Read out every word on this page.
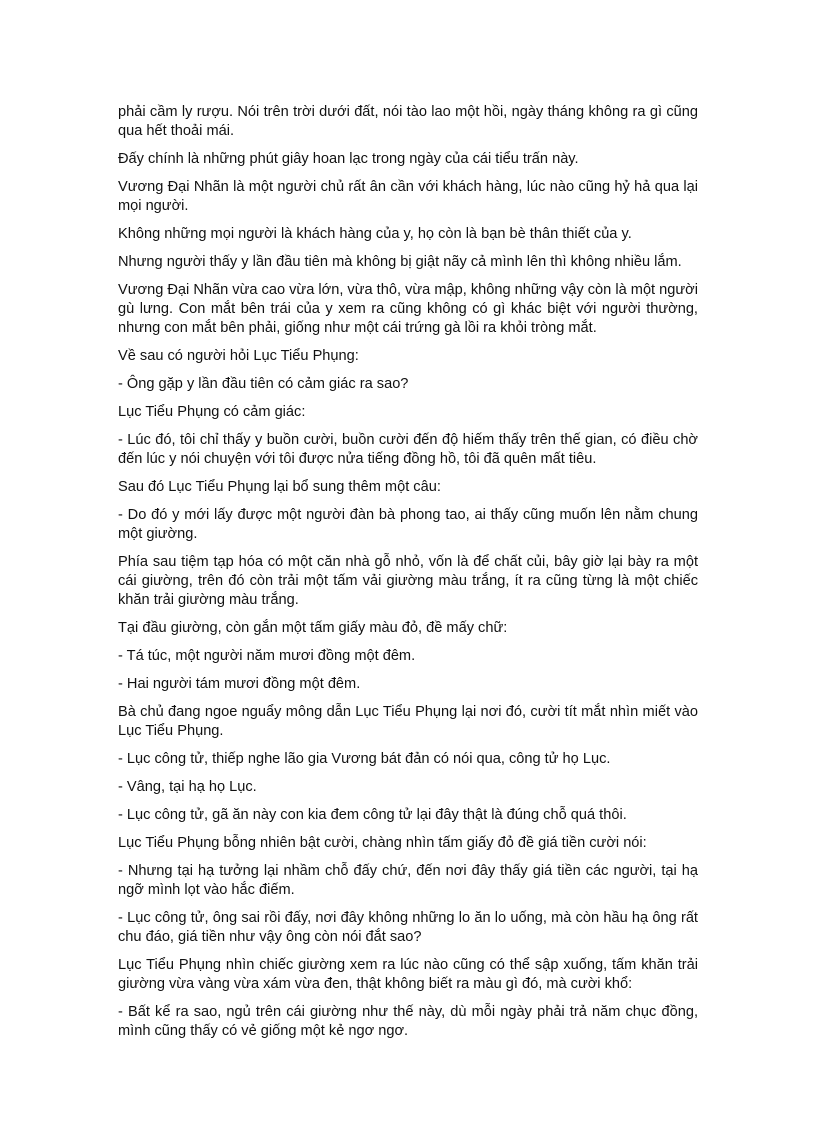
phải cầm ly rượu. Nói trên trời dưới đất, nói tào lao một hồi, ngày tháng không ra gì cũng qua hết thoải mái.

Đấy chính là những phút giây hoan lạc trong ngày của cái tiểu trấn này.

Vương Đại Nhãn là một người chủ rất ân cần với khách hàng, lúc nào cũng hỷ hả qua lại mọi người.

Không những mọi người là khách hàng của y, họ còn là bạn bè thân thiết của y.

Nhưng người thấy y lần đầu tiên mà không bị giật nãy cả mình lên thì không nhiều lắm.

Vương Đại Nhãn vừa cao vừa lớn, vừa thô, vừa mập, không những vậy còn là một người gù lưng. Con mắt bên trái của y xem ra cũng không có gì khác biệt với người thường, nhưng con mắt bên phải, giống như một cái trứng gà lồi ra khỏi tròng mắt.

Về sau có người hỏi Lục Tiểu Phụng:

- Ông gặp y lần đầu tiên có cảm giác ra sao?

Lục Tiểu Phụng có cảm giác:

- Lúc đó, tôi chỉ thấy y buồn cười, buồn cười đến độ hiếm thấy trên thế gian, có điều chờ đến lúc y nói chuyện với tôi được nửa tiếng đồng hồ, tôi đã quên mất tiêu.

Sau đó Lục Tiểu Phụng lại bổ sung thêm một câu:

- Do đó y mới lấy được một người đàn bà phong tao, ai thấy cũng muốn lên nằm chung một giường.

Phía sau tiệm tạp hóa có một căn nhà gỗ nhỏ, vốn là để chất củi, bây giờ lại bày ra một cái giường, trên đó còn trải một tấm vải giường màu trắng, ít ra cũng từng là một chiếc khăn trải giường màu trắng.

Tại đầu giường, còn gắn một tấm giấy màu đỏ, đề mấy chữ:

- Tá túc, một người năm mươi đồng một đêm.

- Hai người tám mươi đồng một đêm.

Bà chủ đang ngoe nguẩy mông dẫn Lục Tiểu Phụng lại nơi đó, cười tít mắt nhìn miết vào Lục Tiểu Phụng.

- Lục công tử, thiếp nghe lão gia Vương bát đản có nói qua, công tử họ Lục.

- Vâng, tại hạ họ Lục.

- Lục công tử, gã ăn này con kia đem công tử lại đây thật là đúng chỗ quá thôi.

Lục Tiểu Phụng bỗng nhiên bật cười, chàng nhìn tấm giấy đỏ đề giá tiền cười nói:

- Nhưng tại hạ tưởng lại nhầm chỗ đấy chứ, đến nơi đây thấy giá tiền các người, tại hạ ngỡ mình lọt vào hắc điếm.

- Lục công tử, ông sai rồi đấy, nơi đây không những lo ăn lo uống, mà còn hầu hạ ông rất chu đáo, giá tiền như vậy ông còn nói đắt sao?

Lục Tiểu Phụng nhìn chiếc giường xem ra lúc nào cũng có thể sập xuống, tấm khăn trải giường vừa vàng vừa xám vừa đen, thật không biết ra màu gì đó, mà cười khổ:

- Bất kể ra sao, ngủ trên cái giường như thế này, dù mỗi ngày phải trả năm chục đồng, mình cũng thấy có vẻ giống một kẻ ngơ ngơ.
